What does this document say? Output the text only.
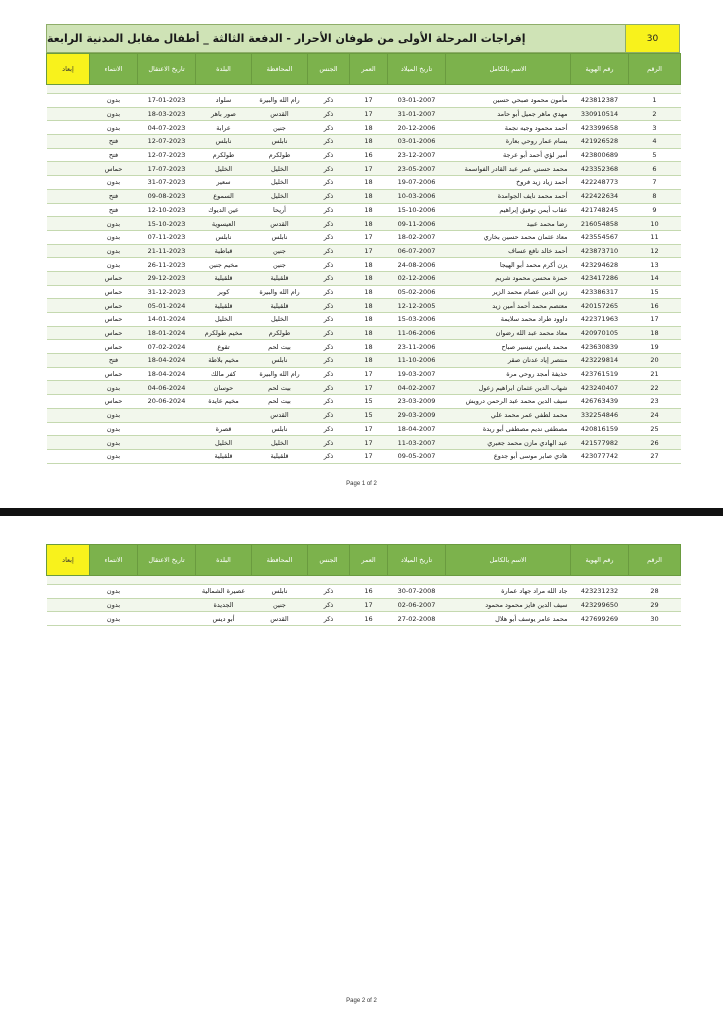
إفراجات المرحلة الأولى من طوفان الأحرار - الدفعة الثالثة _ أطفال مقابل المدنية الرابعة	30
الرقم	رقم الهوية	الاسم بالكامل	تاريخ الميلاد	العمر	الجنس	المحافظة	البلدة	تاريخ الاعتقال	الانتماء	إبعاد

1	423812387	مأمون محمود صبحي حسين	03-01-2007	17	ذكر	رام الله والبيرة	سلواد	17-01-2023	بدون	
2	330910514	مهدي ماهر جميل أبو حامد	31-01-2007	17	ذكر	القدس	صور باهر	18-03-2023	بدون	
3	423399658	أحمد محمود وجيه نجمة	20-12-2006	18	ذكر	جنين	عرابة	04-07-2023	بدون	
4	421926528	بسام عمار روحي بعارة	03-01-2006	18	ذكر	نابلس	نابلس	12-07-2023	فتح	
5	423800689	أمير لؤي أحمد أبو عرجة	23-12-2007	16	ذكر	طولكرم	طولكرم	12-07-2023	فتح	
6	423352368	محمد حسني عمر عبد القادر الفواسمة	23-05-2007	17	ذكر	الخليل	الخليل	17-07-2023	حماس	
7	422248773	أحمد زياد زيد فروخ	19-07-2006	18	ذكر	الخليل	سعير	31-07-2023	بدون	
8	422422634	أحمد محمد نايف الجوامدة	10-03-2006	18	ذكر	الخليل	السموع	09-08-2023	فتح	
9	421748245	عقاب أيمن توفيق إبراهيم	15-10-2006	18	ذكر	أريحا	عين الديوك	12-10-2023	فتح	
10	216054858	رضا محمد عبيد	09-11-2006	18	ذكر	القدس	العيسوية	15-10-2023	بدون	
11	423554567	معاذ عثمان محمد حسين بخاري	18-02-2007	17	ذكر	نابلس	نابلس	07-11-2023	بدون	
12	423873710	أحمد خالد نافع عساف	06-07-2007	17	ذكر	جنين	قباطية	21-11-2023	بدون	
13	423294628	يزن أكرم محمد أبو الهيجا	24-08-2006	18	ذكر	جنين	مخيم جنين	26-11-2023	بدون	
14	423417286	حمزة محسن محمود شريم	02-12-2006	18	ذكر	قلقيلية	قلقيلية	29-12-2023	حماس	
15	423386317	زين الدين عصام محمد الزير	05-02-2006	18	ذكر	رام الله والبيرة	كوبر	31-12-2023	حماس	
16	420157265	معتصم محمد أحمد أمين زيد	12-12-2005	18	ذكر	قلقيلية	قلقيلية	05-01-2024	حماس	
17	422371963	داوود طراد محمد سلايمة	15-03-2006	18	ذكر	الخليل	الخليل	14-01-2024	حماس	
18	420970105	معاذ محمد عبد الله رضوان	11-06-2006	18	ذكر	طولكرم	مخيم طولكرم	18-01-2024	حماس	
19	423630839	محمد ياسين تيسير صباح	23-11-2006	18	ذكر	بيت لحم	تقوع	07-02-2024	حماس	
20	423229814	منتصر إياد عدنان صقر	11-10-2006	18	ذكر	نابلس	مخيم بلاطة	18-04-2024	فتح	
21	423761519	حذيفة أمجد روحي مرة	19-03-2007	17	ذكر	رام الله والبيرة	كفر مالك	18-04-2024	حماس	
22	423240407	شهاب الدين عثمان ابراهيم زعول	04-02-2007	17	ذكر	بيت لحم	حوسان	04-06-2024	بدون	
23	426763439	سيف الدين محمد عبد الرحمن درويش	23-03-2009	15	ذكر	بيت لحم	مخيم عايدة	20-06-2024	حماس	
24	332254846	محمد لطفي عمر محمد علي	29-03-2009	15	ذكر	القدس			بدون	
25	420816159	مصطفى نديم مصطفى أبو ريدة	18-04-2007	17	ذكر	نابلس	قصرة		بدون	
26	421577982	عبد الهادي مازن محمد جعبري	11-03-2007	17	ذكر	الخليل	الخليل		بدون	
27	423077742	هادي صابر موسى أبو جدوع	09-05-2007	17	ذكر	قلقيلية	قلقيلية		بدون	
Page 1 of 2
الرقم	رقم الهوية	الاسم بالكامل	تاريخ الميلاد	العمر	الجنس	المحافظة	البلدة	تاريخ الاعتقال	الانتماء	إبعاد

28	423231232	جاد الله مراد جهاد عمارة	30-07-2008	16	ذكر	نابلس	عصيرة الشمالية		بدون	
29	423299650	سيف الدين فايز محمود محمود	02-06-2007	17	ذكر	جنين	الجديدة		بدون	
30	427699269	محمد عامر يوسف أبو هلال	27-02-2008	16	ذكر	القدس	أبو ديس		بدون	
Page 2 of 2
